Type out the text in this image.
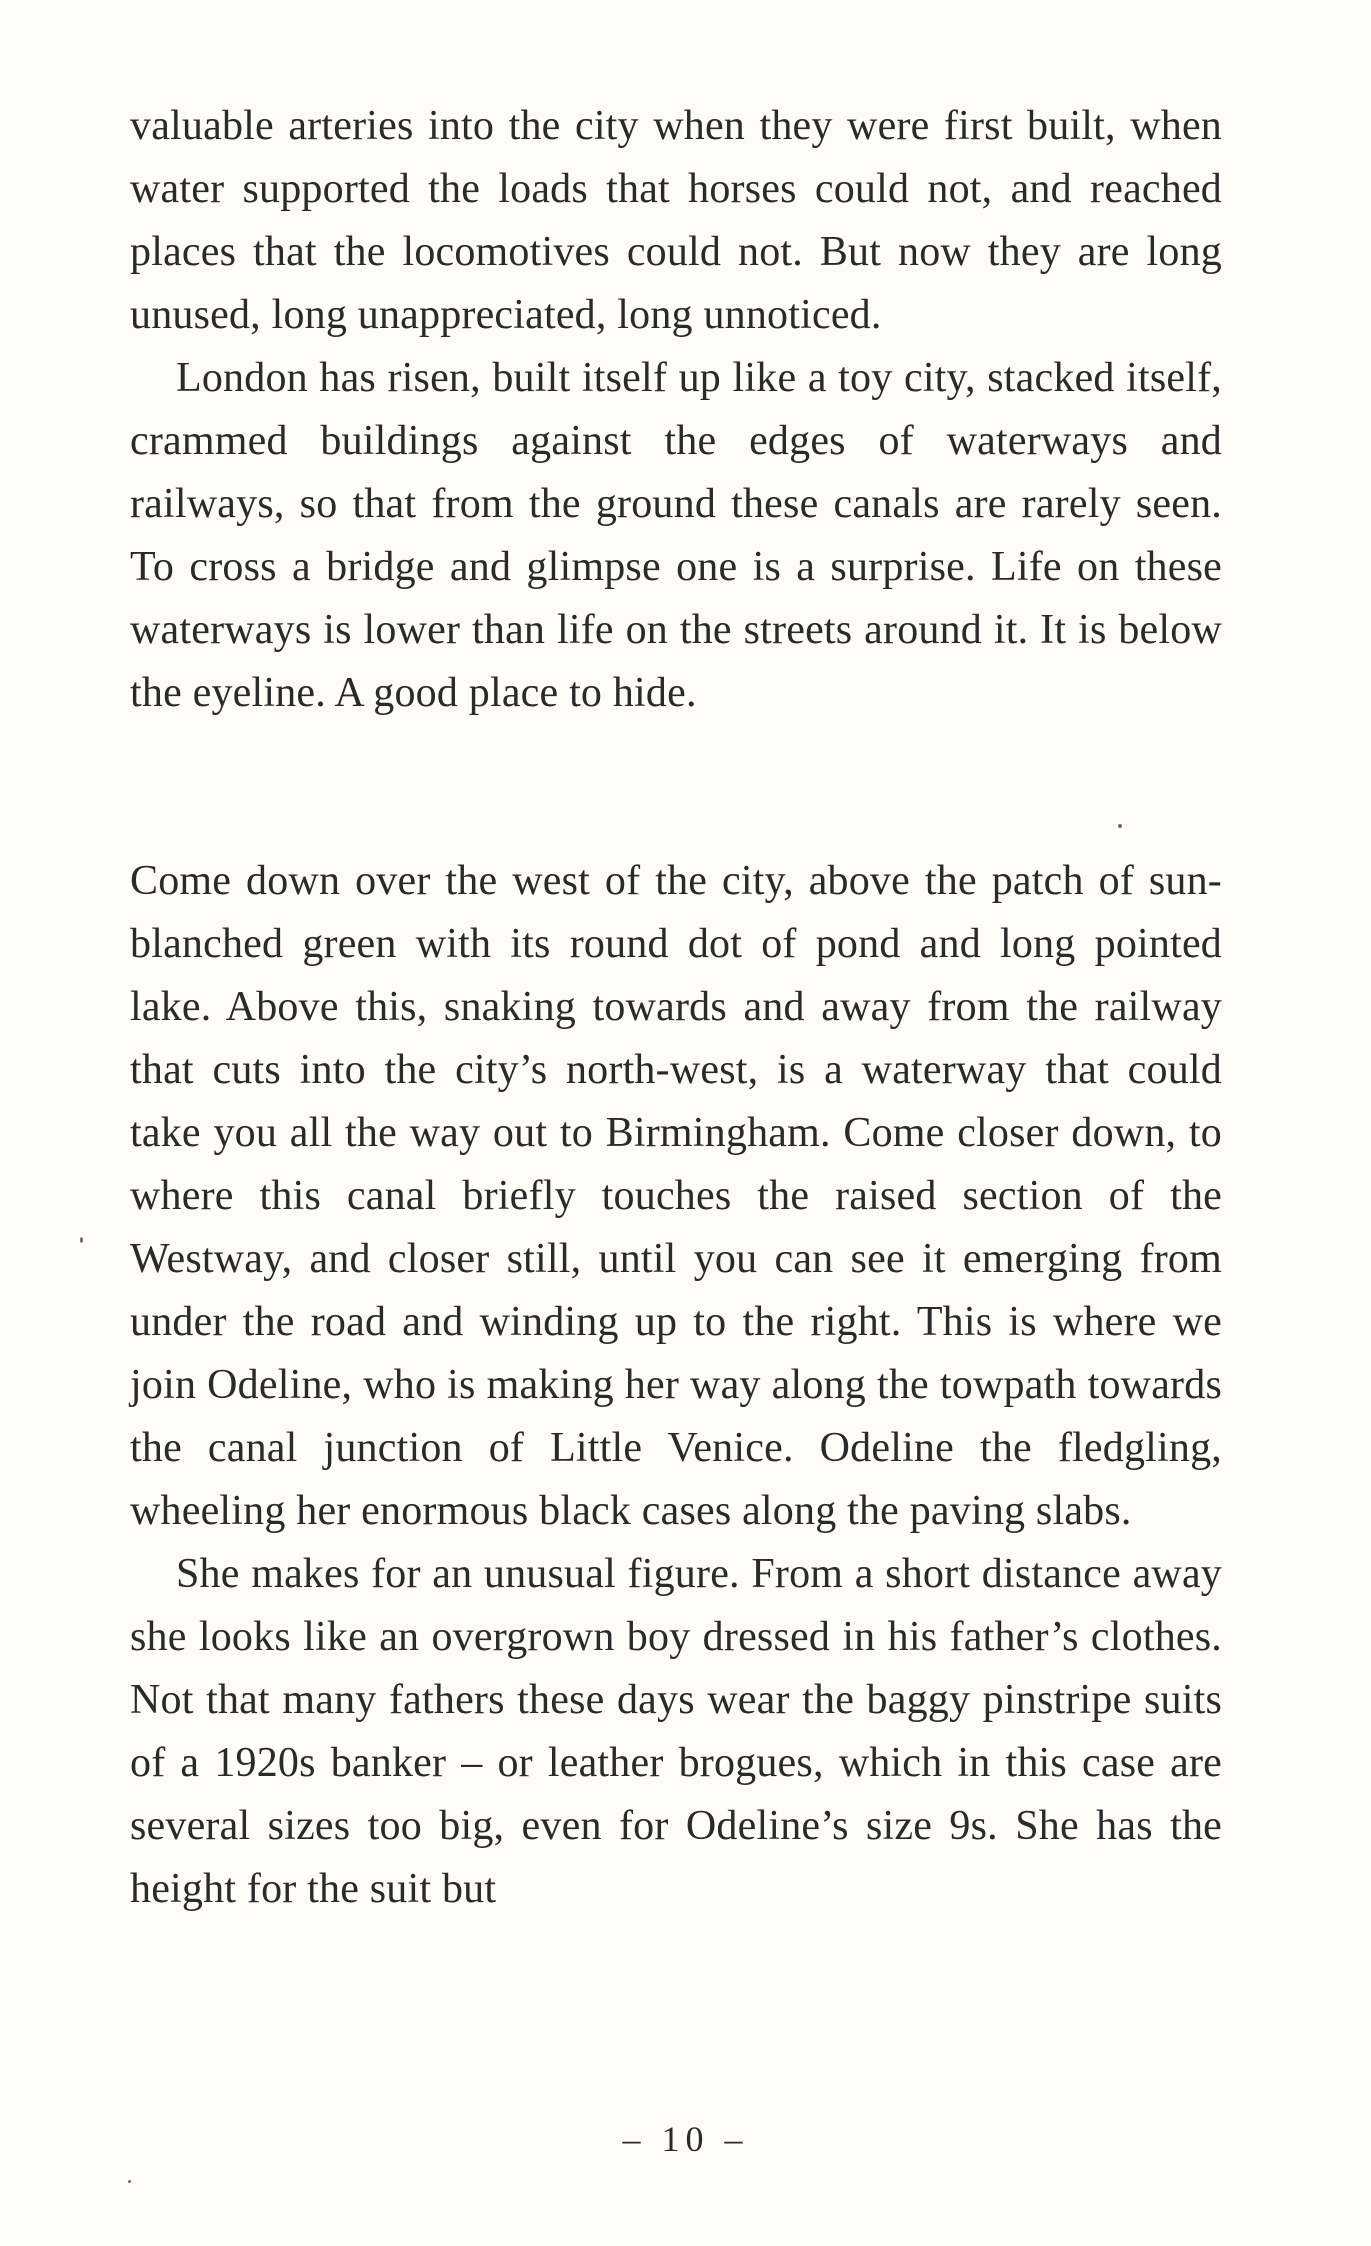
valuable arteries into the city when they were first built, when water supported the loads that horses could not, and reached places that the locomotives could not. But now they are long unused, long unappreciated, long unnoticed.

London has risen, built itself up like a toy city, stacked itself, crammed buildings against the edges of waterways and railways, so that from the ground these canals are rarely seen. To cross a bridge and glimpse one is a surprise. Life on these waterways is lower than life on the streets around it. It is below the eyeline. A good place to hide.

Come down over the west of the city, above the patch of sun-blanched green with its round dot of pond and long pointed lake. Above this, snaking towards and away from the railway that cuts into the city’s north-west, is a waterway that could take you all the way out to Birmingham. Come closer down, to where this canal briefly touches the raised section of the Westway, and closer still, until you can see it emerging from under the road and winding up to the right. This is where we join Odeline, who is making her way along the towpath towards the canal junction of Little Venice. Odeline the fledgling, wheeling her enormous black cases along the paving slabs.

She makes for an unusual figure. From a short distance away she looks like an overgrown boy dressed in his father’s clothes. Not that many fathers these days wear the baggy pinstripe suits of a 1920s banker – or leather brogues, which in this case are several sizes too big, even for Odeline’s size 9s. She has the height for the suit but

– 10 –
